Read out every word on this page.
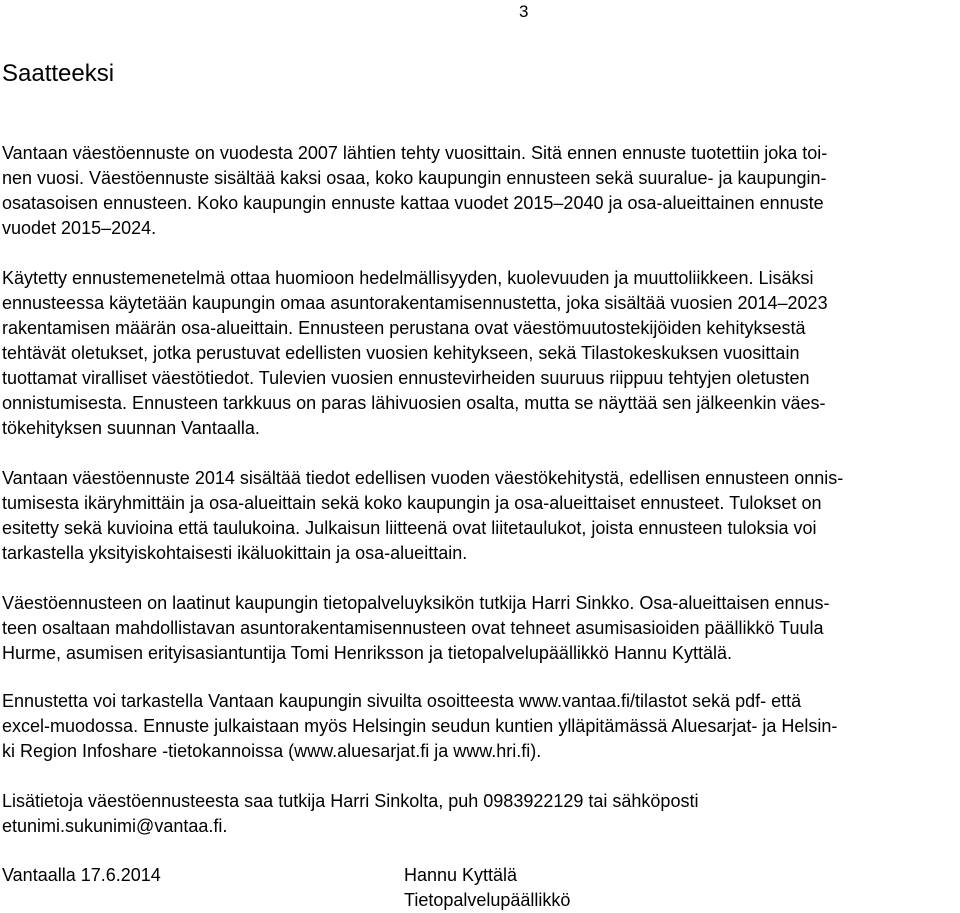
3
Saatteeksi
Vantaan väestöennuste on vuodesta 2007 lähtien tehty vuosittain. Sitä ennen ennuste tuotettiin joka toi-
nen vuosi. Väestöennuste sisältää kaksi osaa, koko kaupungin ennusteen sekä suuralue- ja kaupungin-
osatasoisen ennusteen. Koko kaupungin ennuste kattaa vuodet 2015–2040 ja osa-alueittainen ennuste
vuodet 2015–2024.
Käytetty ennustemenetelmä ottaa huomioon hedelmällisyyden, kuolevuuden ja muuttoliikkeen. Lisäksi
ennusteessa käytetään kaupungin omaa asuntorakentamisennustetta, joka sisältää vuosien 2014–2023
rakentamisen määrän osa-alueittain. Ennusteen perustana ovat väestömuutostekijöiden kehityksestä
tehtävät oletukset, jotka perustuvat edellisten vuosien kehitykseen, sekä Tilastokeskuksen vuosittain
tuottamat viralliset väestötiedot. Tulevien vuosien ennustevirheiden suuruus riippuu tehtyjen oletusten
onnistumisesta. Ennusteen tarkkuus on paras lähivuosien osalta, mutta se näyttää sen jälkeenkin väes-
tökehityksen suunnan Vantaalla.
Vantaan väestöennuste 2014 sisältää tiedot edellisen vuoden väestökehitystä, edellisen ennusteen onnis-
tumisesta ikäryhmittäin ja osa-alueittain sekä koko kaupungin ja osa-alueittaiset ennusteet. Tulokset on
esitetty sekä kuvioina että taulukoina. Julkaisun liitteenä ovat liitetaulukot, joista ennusteen tuloksia voi
tarkastella yksityiskohtaisesti ikäluokittain ja osa-alueittain.
Väestöennusteen on laatinut kaupungin tietopalveluyksikön tutkija Harri Sinkko. Osa-alueittaisen ennus-
teen osaltaan mahdollistavan asuntorakentamisennusteen ovat tehneet asumisasioiden päällikkö Tuula
Hurme, asumisen erityisasiantuntija Tomi Henriksson ja tietopalvelupäällikkö Hannu Kyttälä.
Ennustetta voi tarkastella Vantaan kaupungin sivuilta osoitteesta www.vantaa.fi/tilastot sekä pdf- että
excel-muodossa. Ennuste julkaistaan myös Helsingin seudun kuntien ylläpitämässä Aluesarjat- ja Helsin-
ki Region Infoshare -tietokannoissa (www.aluesarjat.fi ja www.hri.fi).
Lisätietoja väestöennusteesta saa tutkija Harri Sinkolta, puh 0983922129 tai sähköposti
etunimi.sukunimi@vantaa.fi.
Vantaalla 17.6.2014	Hannu Kyttälä
Tietopalvelupäällikkö
